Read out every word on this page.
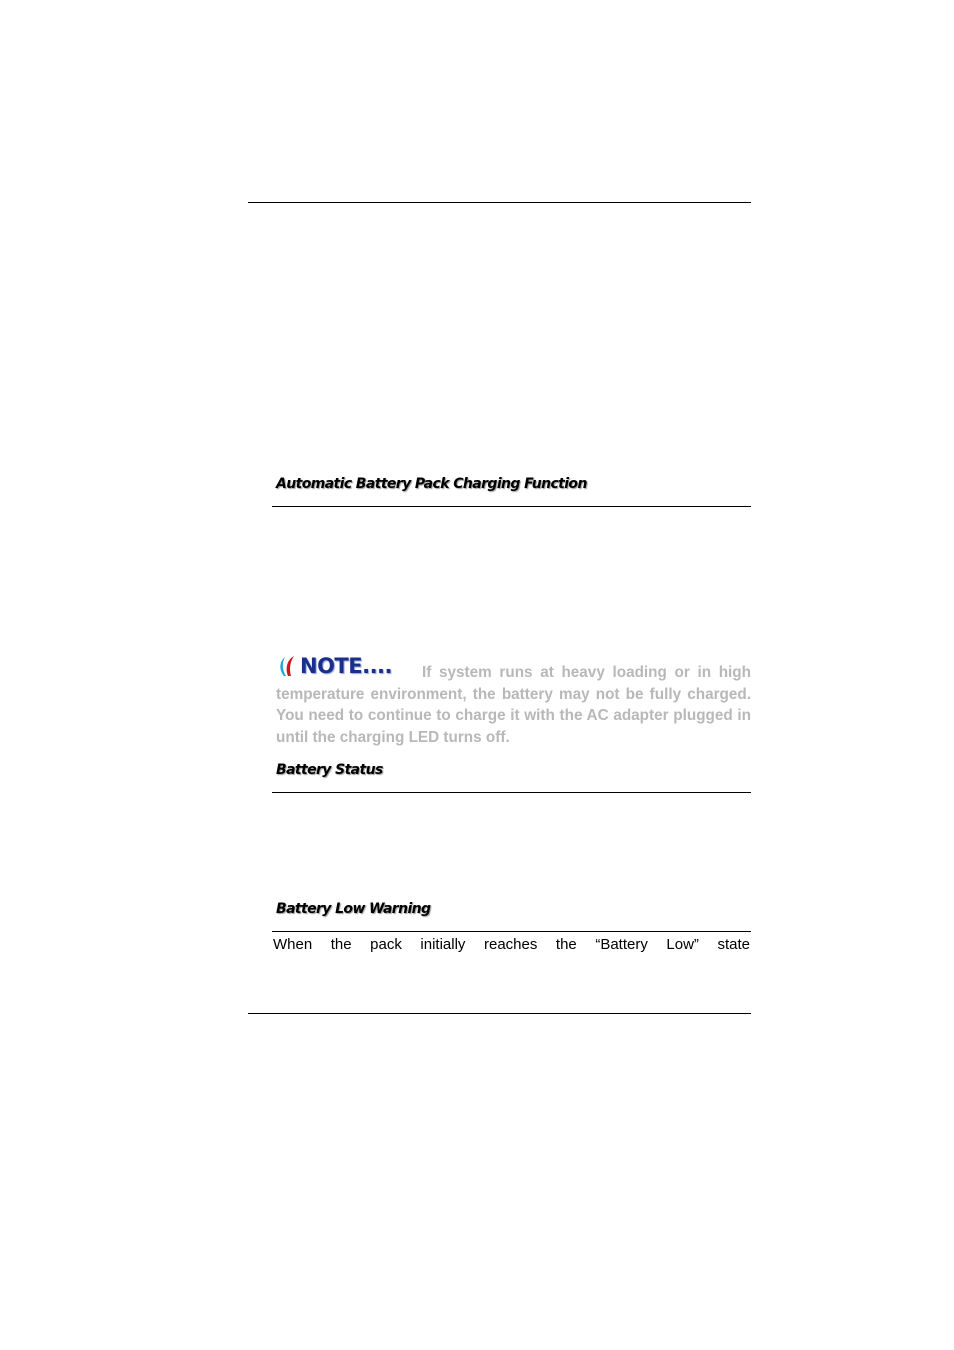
Automatic Battery Pack Charging Function
NOTE.... If system runs at heavy loading or in high temperature environment, the battery may not be fully charged. You need to continue to charge it with the AC adapter plugged in until the charging LED turns off.
Battery Status
Battery Low Warning
When the pack initially reaches the “Battery Low” state
